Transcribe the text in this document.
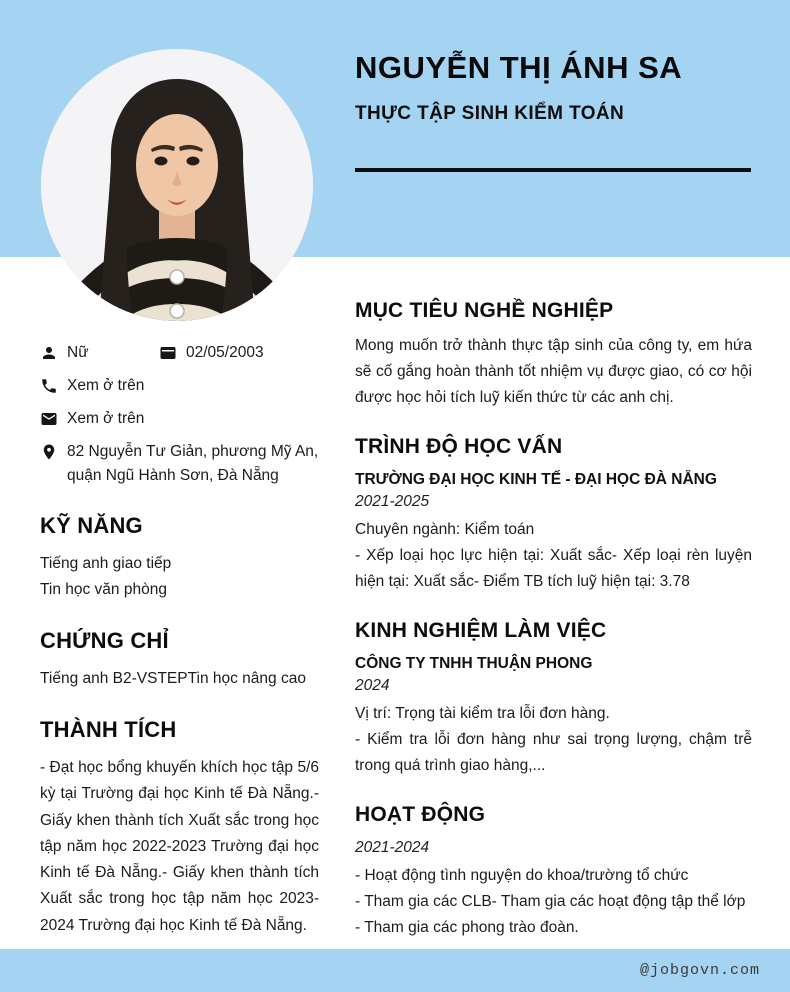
NGUYỄN THỊ ÁNH SA
THỰC TẬP SINH KIỂM TOÁN
Nữ	02/05/2003
Xem ở trên
Xem ở trên
82 Nguyễn Tư Giản, phương Mỹ An, quận Ngũ Hành Sơn, Đà Nẵng
KỸ NĂNG
Tiếng anh giao tiếp
Tin học văn phòng
CHỨNG CHỈ
Tiếng anh B2-VSTEPTin học nâng cao
THÀNH TÍCH
- Đạt học bổng khuyến khích học tập 5/6 kỳ tại Trường đại học Kinh tế Đà Nẵng.- Giấy khen thành tích Xuất sắc trong học tập năm học 2022-2023 Trường đại học Kinh tế Đà Nẵng.- Giấy khen thành tích Xuất sắc trong học tập năm học 2023-2024 Trường đại học Kinh tế Đà Nẵng.
MỤC TIÊU NGHỀ NGHIỆP
Mong muốn trở thành thực tập sinh của công ty, em hứa sẽ cố gắng hoàn thành tốt nhiệm vụ được giao, có cơ hội được học hỏi tích luỹ kiến thức từ các anh chị.
TRÌNH ĐỘ HỌC VẤN
TRƯỜNG ĐẠI HỌC KINH TẾ - ĐẠI HỌC ĐÀ NẴNG
2021-2025
Chuyên ngành: Kiểm toán
- Xếp loại học lực hiện tại: Xuất sắc- Xếp loại rèn luyện hiện tại: Xuất sắc- Điểm TB tích luỹ hiện tại: 3.78
KINH NGHIỆM LÀM VIỆC
CÔNG TY TNHH THUẬN PHONG
2024
Vị trí: Trọng tài kiểm tra lỗi đơn hàng.
- Kiểm tra lỗi đơn hàng như sai trọng lượng, chậm trễ trong quá trình giao hàng,...
HOẠT ĐỘNG
2021-2024
- Hoạt động tình nguyện do khoa/trường tổ chức
- Tham gia các CLB- Tham gia các hoạt động tập thể lớp
- Tham gia các phong trào đoàn.
@jobgovn.com
